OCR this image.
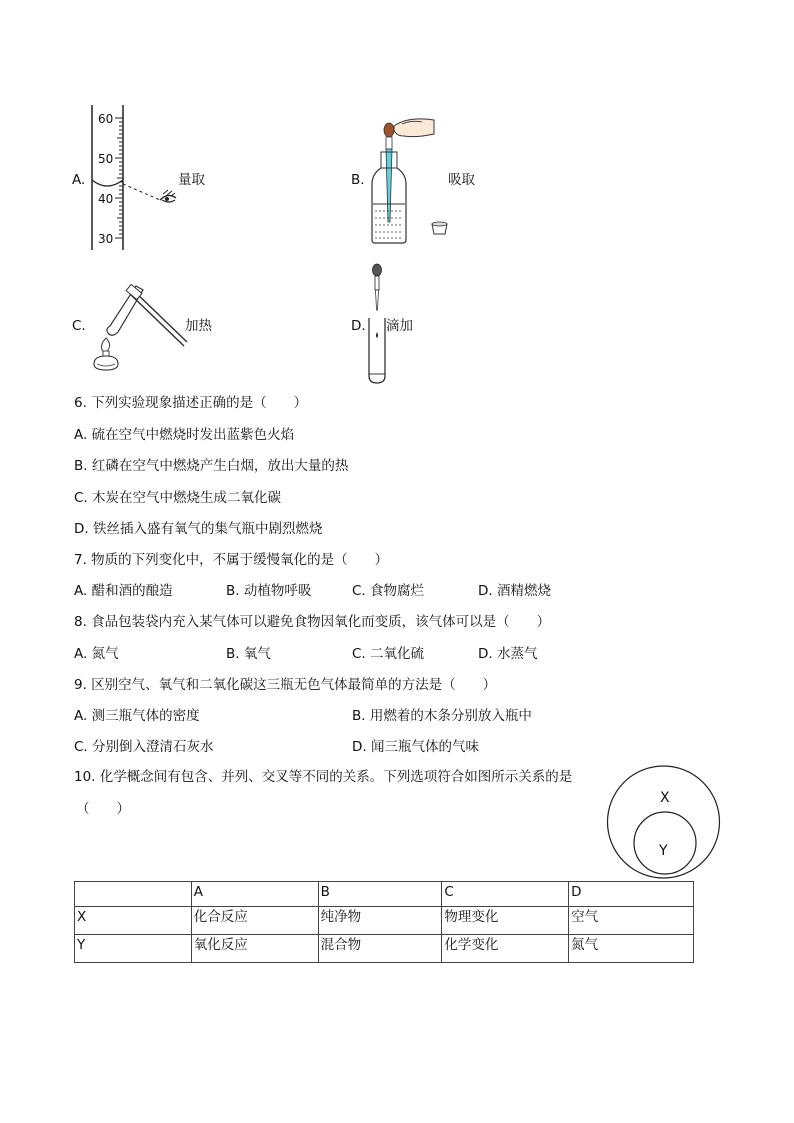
A.
60
50
40
30
量取	B.	吸取
C.	加热	D. 滴加
6. 下列实验现象描述正确的是（　　）
A. 硫在空气中燃烧时发出蓝紫色火焰
B. 红磷在空气中燃烧产生白烟，放出大量的热
C. 木炭在空气中燃烧生成二氧化碳
D. 铁丝插入盛有氧气的集气瓶中剧烈燃烧
7. 物质的下列变化中，不属于缓慢氧化的是（　　）
A. 醋和酒的酿造	B. 动植物呼吸	C. 食物腐烂	D. 酒精燃烧
8. 食品包装袋内充入某气体可以避免食物因氧化而变质，该气体可以是（　　）
A. 氮气	B. 氧气	C. 二氧化硫	D. 水蒸气
9. 区别空气、氧气和二氧化碳这三瓶无色气体最简单的方法是（　　）
A. 测三瓶气体的密度	B. 用燃着的木条分别放入瓶中
C. 分别倒入澄清石灰水	D. 闻三瓶气体的气味
10. 化学概念间有包含、并列、交叉等不同的关系。下列选项符合如图所示关系的是
（　　）
X
Y
	A	B	C	D
X	化合反应	纯净物	物理变化	空气
Y	氧化反应	混合物	化学变化	氮气
